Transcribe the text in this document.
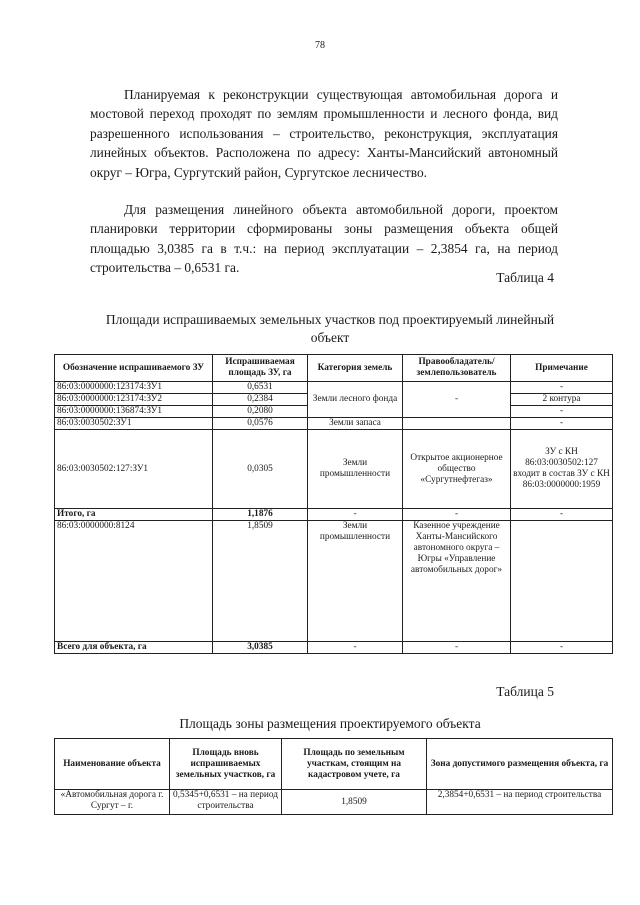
78

Планируемая к реконструкции существующая автомобильная дорога и мостовой переход проходят по землям промышленности и лесного фонда, вид разрешенного использования – строительство, реконструкция, эксплуатация линейных объектов. Расположена по адресу: Ханты-Мансийский автономный округ – Югра, Сургутский район, Сургутское лесничество.

Для размещения линейного объекта автомобильной дороги, проектом планировки территории сформированы зоны размещения объекта общей площадью 3,0385 га в т.ч.: на период эксплуатации – 2,3854 га, на период строительства – 0,6531 га.

Таблица 4

Площади испрашиваемых земельных участков под проектируемый линейный объект

Обозначение испрашиваемого ЗУ	Испрашиваемая площадь ЗУ, га	Категория земель	Правообладатель/землепользователь	Примечание
86:03:0000000:123174:ЗУ1	0,6531	Земли лесного фонда	-	-
86:03:0000000:123174:ЗУ2	0,2384			2 контура
86:03:0000000:136874:ЗУ1	0,2080			-
86:03:0030502:ЗУ1	0,0576	Земли запаса		-
86:03:0030502:127:ЗУ1	0,0305	Земли промышленности	Открытое акционерное общество «Сургутнефтегаз»	ЗУ с КН 86:03:0030502:127 входит в состав ЗУ с КН 86:03:0000000:1959
Итого, га	1,1876	-	-	-
86:03:0000000:8124	1,8509	Земли промышленности	Казенное учреждение Ханты-Мансийского автономного округа – Югры «Управление автомобильных дорог»	
Всего для объекта, га	3,0385	-	-	-
Таблица 5

Площадь зоны размещения проектируемого объекта

Наименование объекта	Площадь вновь испрашиваемых земельных участков, га	Площадь по земельным участкам, стоящим на кадастровом учете, га	Зона допустимого размещения объекта, га
«Автомобильная дорога г. Сургут – г.	0,5345+0,6531 – на период строительства	1,8509	2,3854+0,6531 – на период строительства
